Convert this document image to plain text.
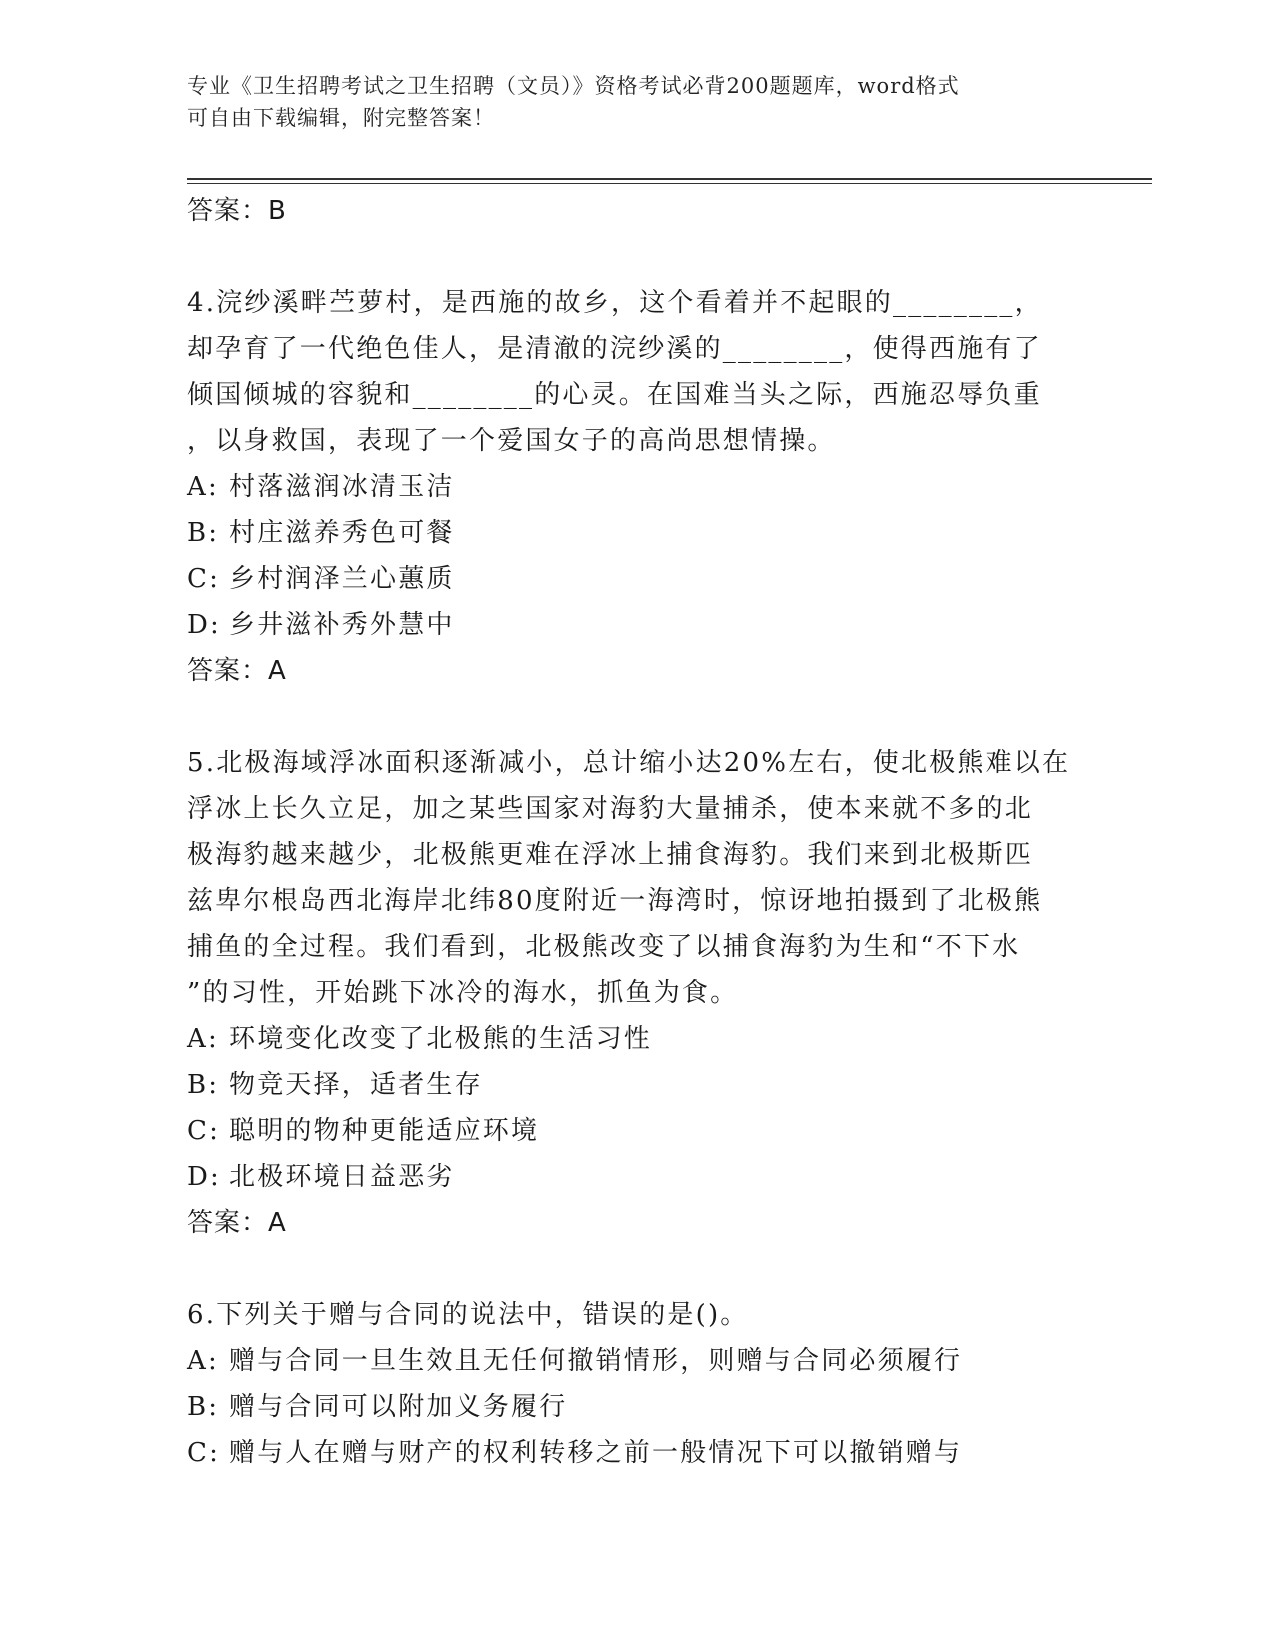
专业《卫生招聘考试之卫生招聘（文员）》资格考试必背200题题库，word格式
可自由下载编辑，附完整答案！
答案：B
4.浣纱溪畔苎萝村，是西施的故乡，这个看着并不起眼的________，
却孕育了一代绝色佳人，是清澈的浣纱溪的________，使得西施有了
倾国倾城的容貌和________的心灵。在国难当头之际，西施忍辱负重
，以身救国，表现了一个爱国女子的高尚思想情操。
A: 村落滋润冰清玉洁
B: 村庄滋养秀色可餐
C: 乡村润泽兰心蕙质
D: 乡井滋补秀外慧中
答案：A
5.北极海域浮冰面积逐渐减小，总计缩小达20%左右，使北极熊难以在
浮冰上长久立足，加之某些国家对海豹大量捕杀，使本来就不多的北
极海豹越来越少，北极熊更难在浮冰上捕食海豹。我们来到北极斯匹
兹卑尔根岛西北海岸北纬80度附近一海湾时，惊讶地拍摄到了北极熊
捕鱼的全过程。我们看到，北极熊改变了以捕食海豹为生和“不下水
”的习性，开始跳下冰冷的海水，抓鱼为食。
A: 环境变化改变了北极熊的生活习性
B: 物竞天择，适者生存
C: 聪明的物种更能适应环境
D: 北极环境日益恶劣
答案：A
6.下列关于赠与合同的说法中，错误的是()。
A: 赠与合同一旦生效且无任何撤销情形，则赠与合同必须履行
B: 赠与合同可以附加义务履行
C: 赠与人在赠与财产的权利转移之前一般情况下可以撤销赠与
